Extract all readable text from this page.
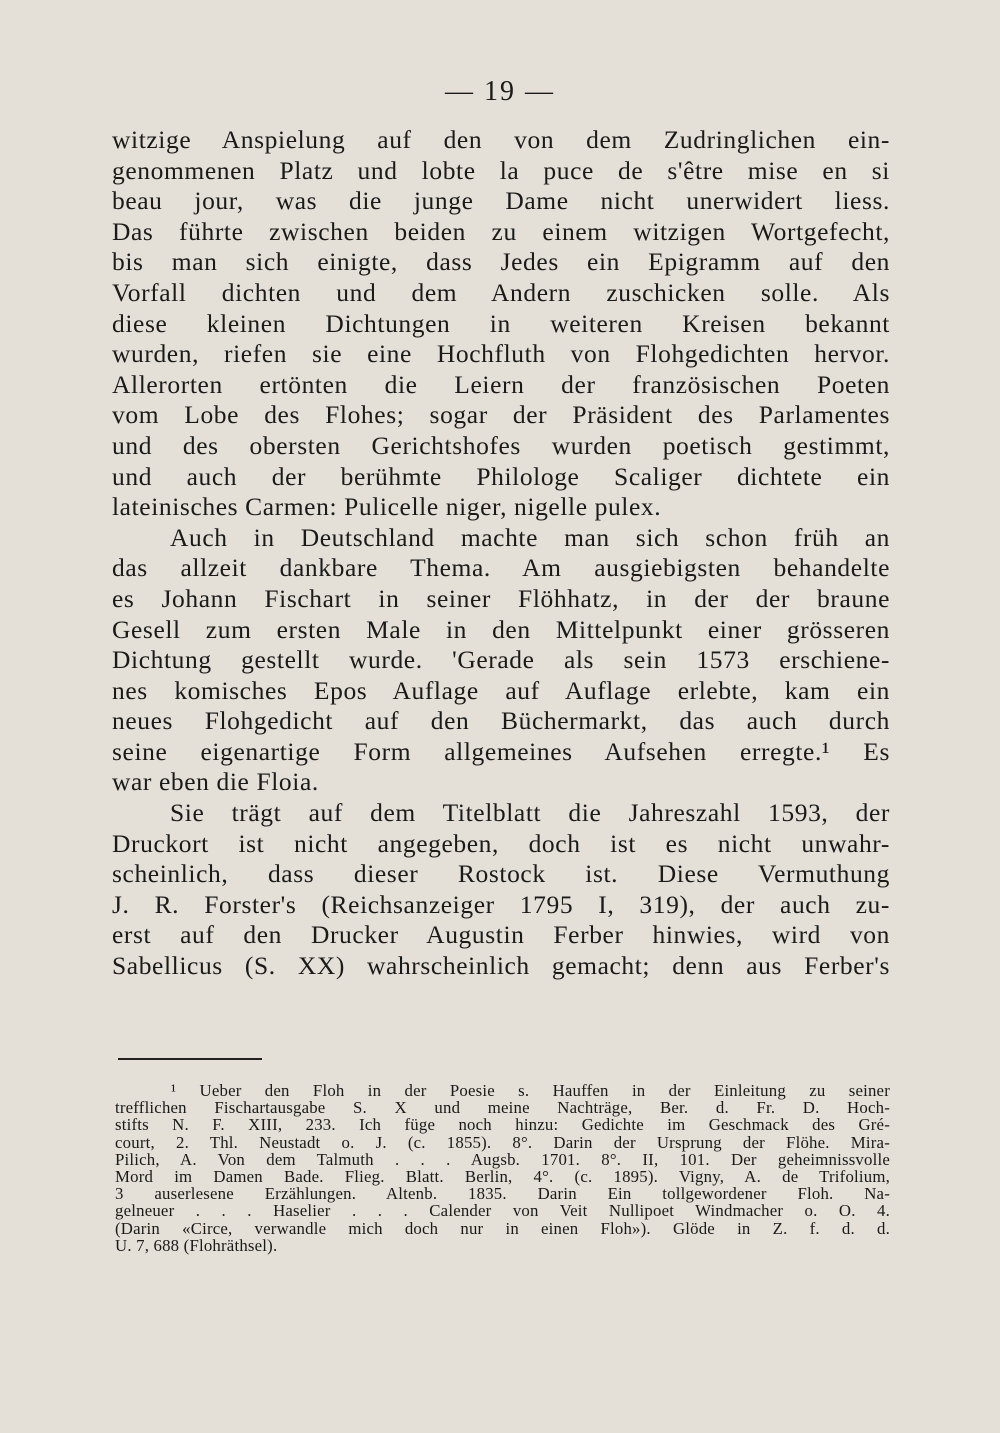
— 19 —
witzige Anspielung auf den von dem Zudringlichen ein-
genommenen Platz und lobte la puce de s'être mise en si
beau jour, was die junge Dame nicht unerwidert liess.
Das führte zwischen beiden zu einem witzigen Wortgefecht,
bis man sich einigte, dass Jedes ein Epigramm auf den
Vorfall dichten und dem Andern zuschicken solle. Als
diese kleinen Dichtungen in weiteren Kreisen bekannt
wurden, riefen sie eine Hochfluth von Flohgedichten hervor.
Allerorten ertönten die Leiern der französischen Poeten
vom Lobe des Flohes; sogar der Präsident des Parlamentes
und des obersten Gerichtshofes wurden poetisch gestimmt,
und auch der berühmte Philologe Scaliger dichtete ein
lateinisches Carmen: Pulicelle niger, nigelle pulex.
Auch in Deutschland machte man sich schon früh an
das allzeit dankbare Thema. Am ausgiebigsten behandelte
es Johann Fischart in seiner Flöhhatz, in der der braune
Gesell zum ersten Male in den Mittelpunkt einer grösseren
Dichtung gestellt wurde. 'Gerade als sein 1573 erschiene-
nes komisches Epos Auflage auf Auflage erlebte, kam ein
neues Flohgedicht auf den Büchermarkt, das auch durch
seine eigenartige Form allgemeines Aufsehen erregte.¹ Es
war eben die Floia.
Sie trägt auf dem Titelblatt die Jahreszahl 1593, der
Druckort ist nicht angegeben, doch ist es nicht unwahr-
scheinlich, dass dieser Rostock ist. Diese Vermuthung
J. R. Forster's (Reichsanzeiger 1795 I, 319), der auch zu-
erst auf den Drucker Augustin Ferber hinwies, wird von
Sabellicus (S. XX) wahrscheinlich gemacht; denn aus Ferber's
¹ Ueber den Floh in der Poesie s. Hauffen in der Einleitung zu seiner
trefflichen Fischartausgabe S. X und meine Nachträge, Ber. d. Fr. D. Hoch-
stifts N. F. XIII, 233. Ich füge noch hinzu: Gedichte im Geschmack des Gré-
court, 2. Thl. Neustadt o. J. (c. 1855). 8°. Darin der Ursprung der Flöhe. Mira-
Pilich, A. Von dem Talmuth . . . Augsb. 1701. 8°. II, 101. Der geheimnissvolle
Mord im Damen Bade. Flieg. Blatt. Berlin, 4°. (c. 1895). Vigny, A. de Trifolium,
3 auserlesene Erzählungen. Altenb. 1835. Darin Ein tollgewordener Floh. Na-
gelneuer . . . Haselier . . . Calender von Veit Nullipoet Windmacher o. O. 4.
(Darin «Circe, verwandle mich doch nur in einen Floh»). Glöde in Z. f. d. d.
U. 7, 688 (Flohräthsel).
